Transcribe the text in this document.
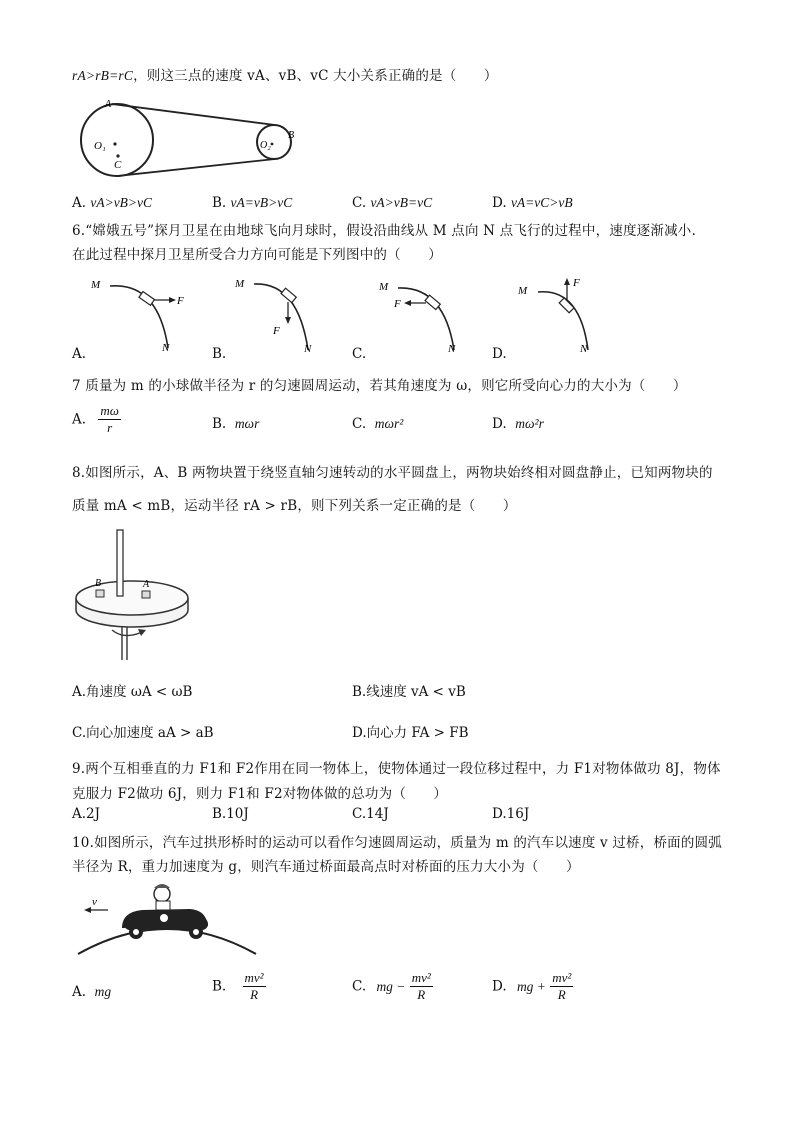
rA>rB=rC，则这三点的速度 vA、vB、vC 大小关系正确的是（　　）
A
O₁
C
O₂
B
A. vA>vB>vC	B. vA=vB>vC	C. vA>vB=vC	D. vA=vC>vB
6.“嫦娥五号”探月卫星在由地球飞向月球时，假设沿曲线从 M 点向 N 点飞行的过程中，速度逐渐减小.
在此过程中探月卫星所受合力方向可能是下列图中的（　　）
M
F
N
A.
M
F
N
B.
M
F
N
C.
M
F
N
D.
7 质量为 m 的小球做半径为 r 的匀速圆周运动，若其角速度为 ω，则它所受向心力的大小为（　　）
A. $\frac{m\omega}{r}$	B. mωr	C. mωr²	D. mω²r
8.如图所示，A、B 两物块置于绕竖直轴匀速转动的水平圆盘上，两物块始终相对圆盘静止，已知两物块的
质量 mA < mB，运动半径 rA > rB，则下列关系一定正确的是（　　）
B	A
A.角速度 ωA < ωB	B.线速度 vA < vB
C.向心加速度 aA > aB	D.向心力 FA > FB
9.两个互相垂直的力 F1和 F2作用在同一物体上，使物体通过一段位移过程中，力 F1对物体做功 8J，物体
克服力 F2做功 6J，则力 F1和 F2对物体做的总功为（　　）
A.2J	B.10J	C.14J	D.16J
10.如图所示，汽车过拱形桥时的运动可以看作匀速圆周运动，质量为 m 的汽车以速度 v 过桥，桥面的圆弧
半径为 R，重力加速度为 g，则汽车通过桥面最高点时对桥面的压力大小为（　　）
v
A. mg	B. $\frac{\text{mv²}}{R}$	C. mg − $\frac{\text{mv²}}{R}$	D. mg + $\frac{\text{mv²}}{R}$
